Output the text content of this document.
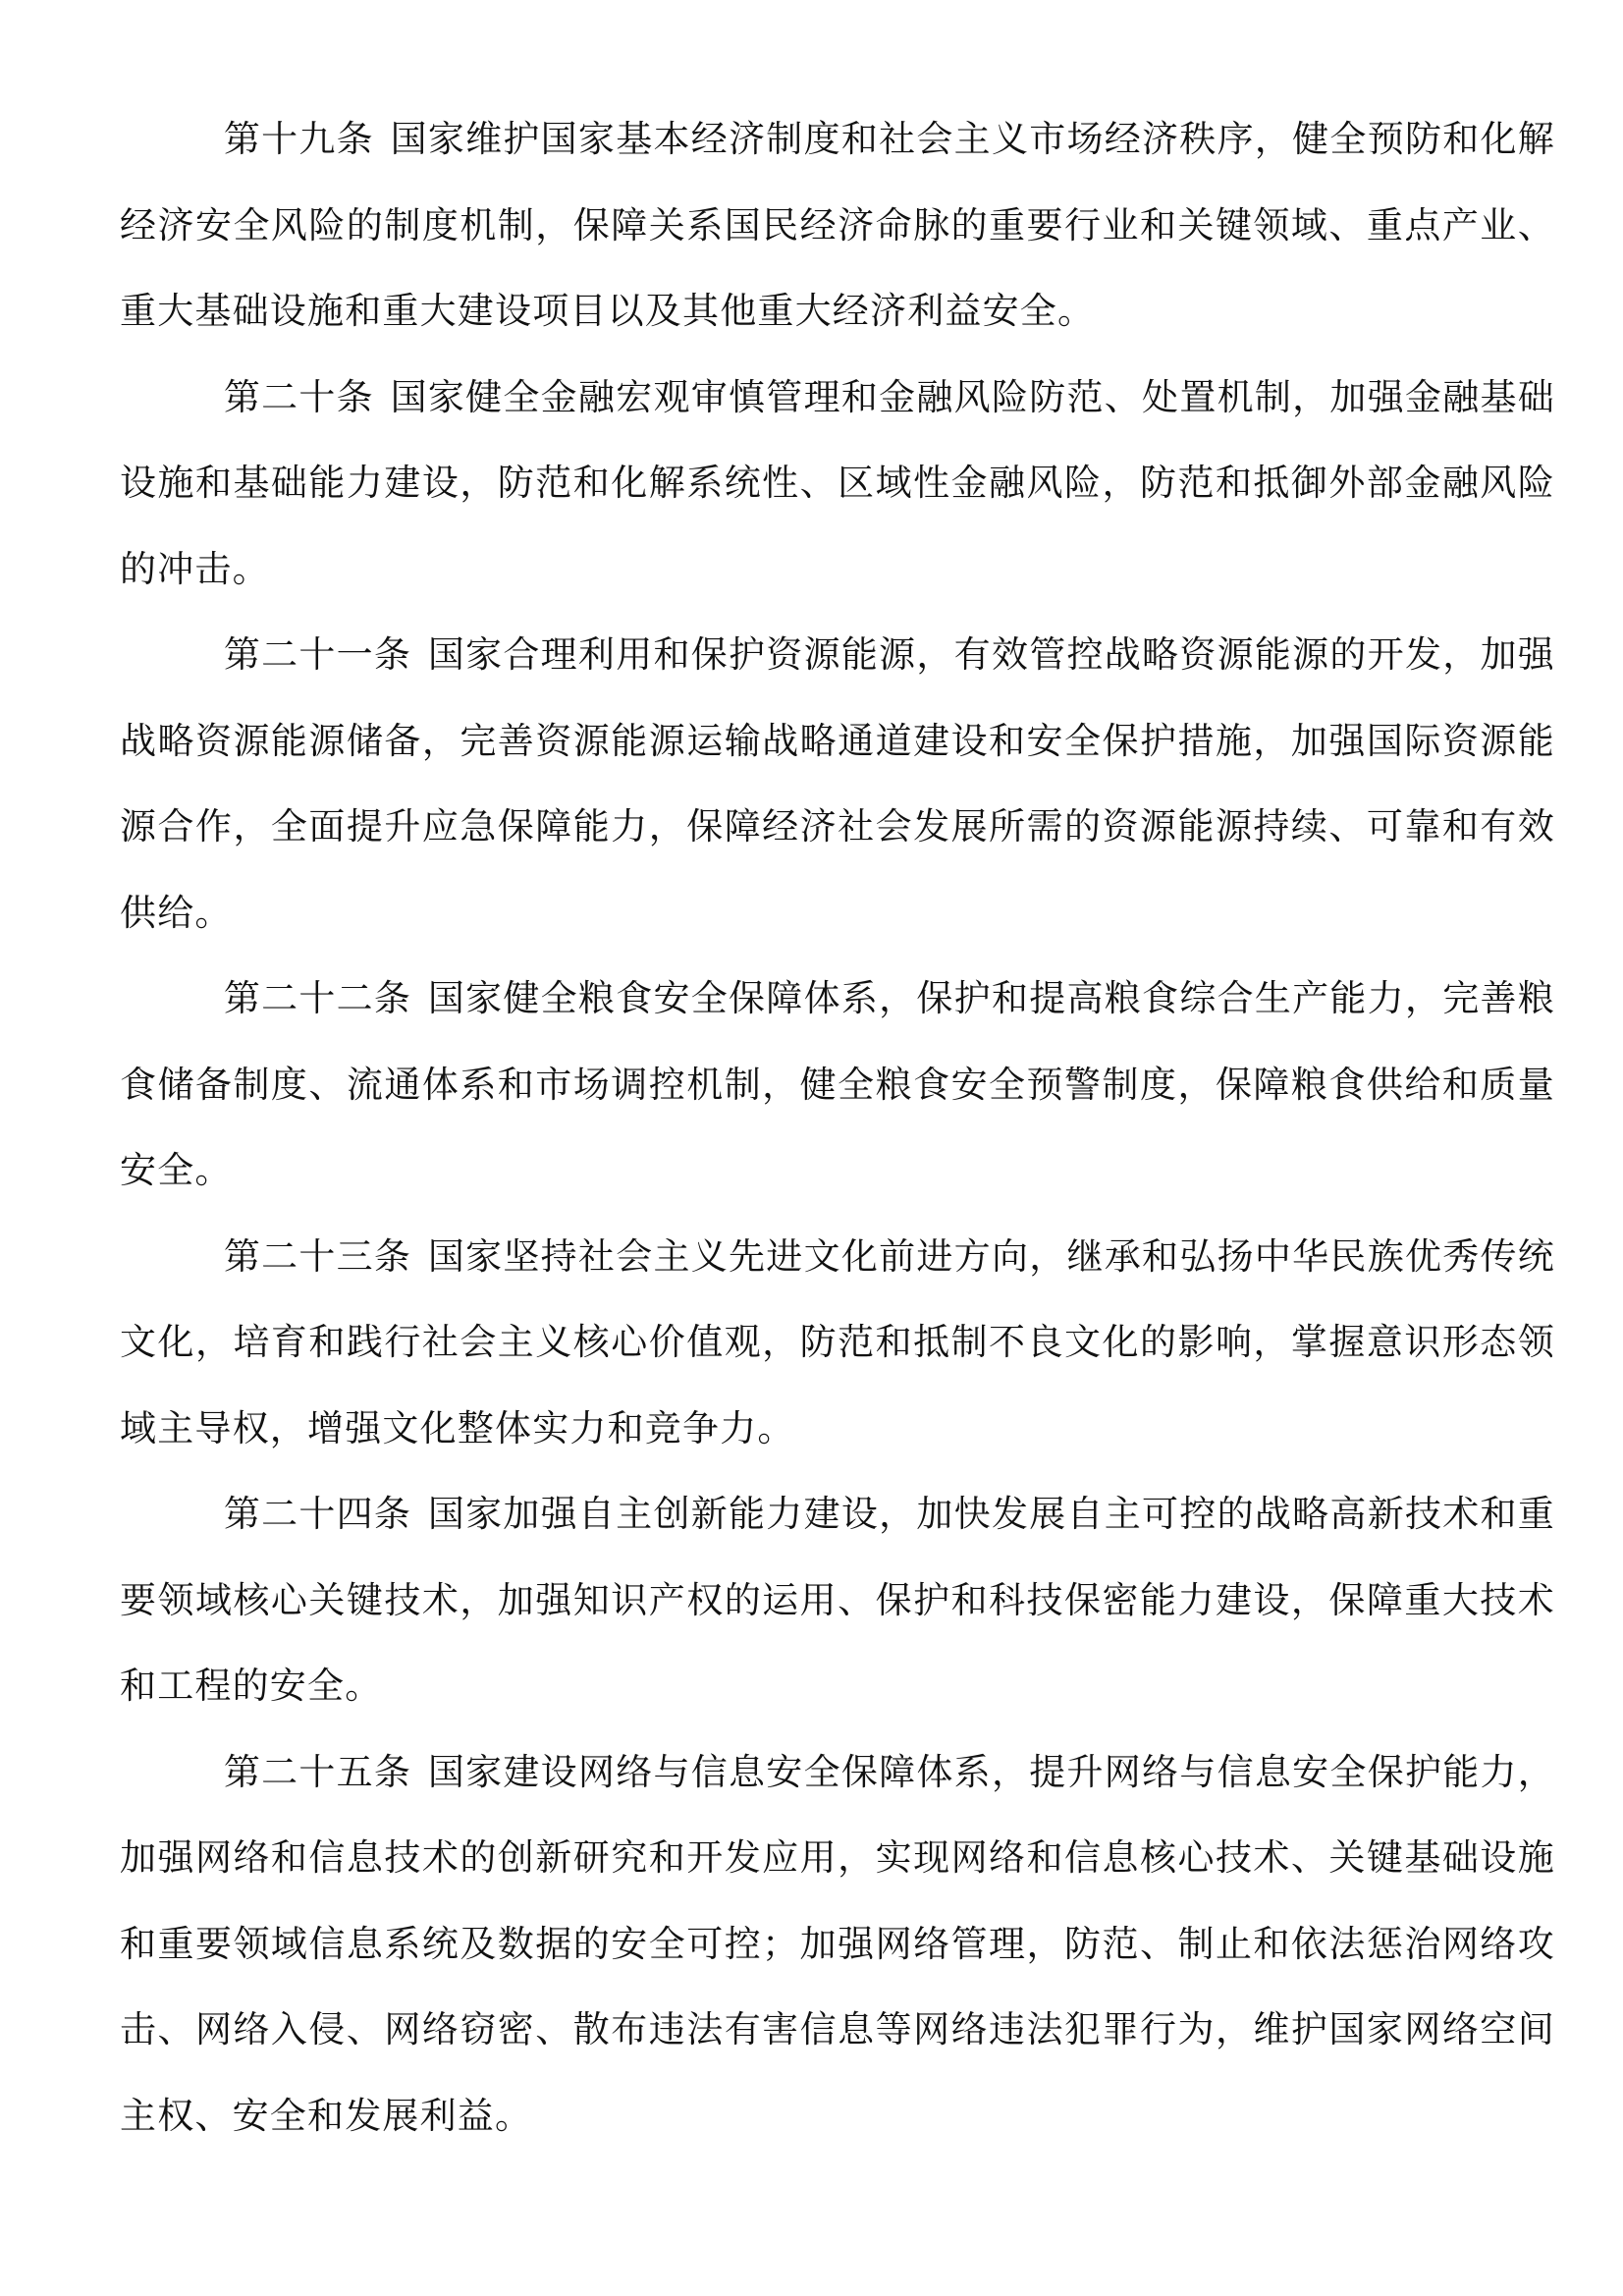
第十九条 国家维护国家基本经济制度和社会主义市场经济秩序，健全预防和化解经济安全风险的制度机制，保障关系国民经济命脉的重要行业和关键领域、重点产业、重大基础设施和重大建设项目以及其他重大经济利益安全。

第二十条 国家健全金融宏观审慎管理和金融风险防范、处置机制，加强金融基础设施和基础能力建设，防范和化解系统性、区域性金融风险，防范和抵御外部金融风险的冲击。

第二十一条 国家合理利用和保护资源能源，有效管控战略资源能源的开发，加强战略资源能源储备，完善资源能源运输战略通道建设和安全保护措施，加强国际资源能源合作，全面提升应急保障能力，保障经济社会发展所需的资源能源持续、可靠和有效供给。

第二十二条 国家健全粮食安全保障体系，保护和提高粮食综合生产能力，完善粮食储备制度、流通体系和市场调控机制，健全粮食安全预警制度，保障粮食供给和质量安全。

第二十三条 国家坚持社会主义先进文化前进方向，继承和弘扬中华民族优秀传统文化，培育和践行社会主义核心价值观，防范和抵制不良文化的影响，掌握意识形态领域主导权，增强文化整体实力和竞争力。

第二十四条 国家加强自主创新能力建设，加快发展自主可控的战略高新技术和重要领域核心关键技术，加强知识产权的运用、保护和科技保密能力建设，保障重大技术和工程的安全。

第二十五条 国家建设网络与信息安全保障体系，提升网络与信息安全保护能力，加强网络和信息技术的创新研究和开发应用，实现网络和信息核心技术、关键基础设施和重要领域信息系统及数据的安全可控；加强网络管理，防范、制止和依法惩治网络攻击、网络入侵、网络窃密、散布违法有害信息等网络违法犯罪行为，维护国家网络空间主权、安全和发展利益。
